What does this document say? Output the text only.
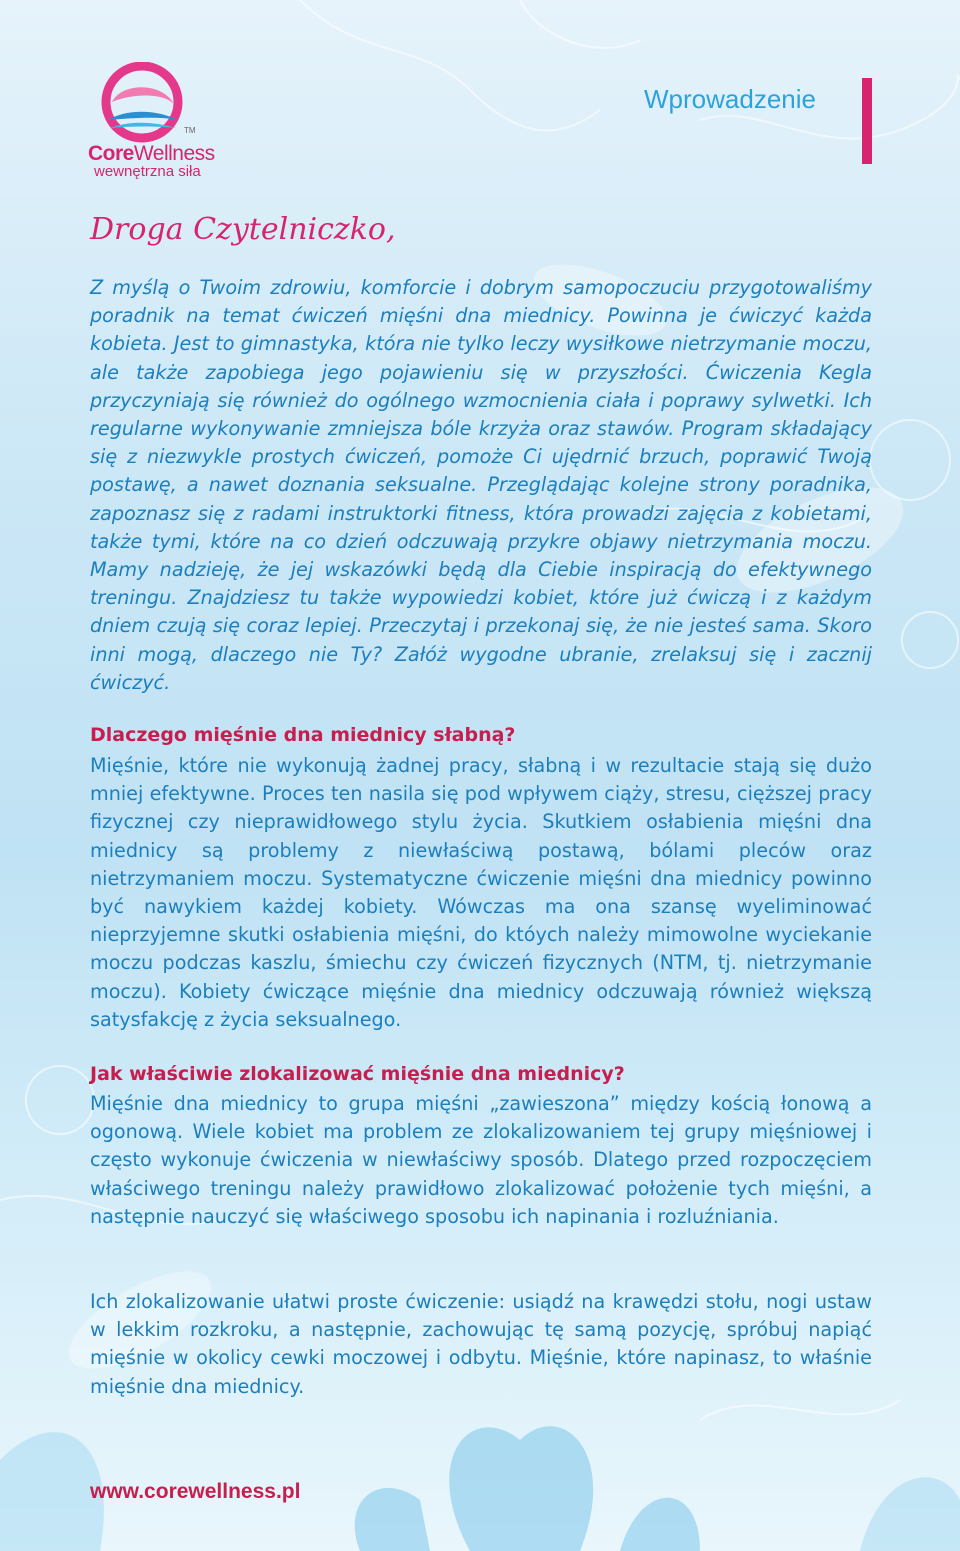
TM
CoreWellness
wewnętrzna siła
Wprowadzenie
Droga Czytelniczko,
Z myślą o Twoim zdrowiu, komforcie i dobrym samopoczuciu przygotowaliśmy poradnik na temat ćwiczeń mięśni dna miednicy. Powinna je ćwiczyć każda kobieta. Jest to gimnastyka, która nie tylko leczy wysiłkowe nietrzymanie moczu, ale także zapobiega jego pojawieniu się w przyszłości. Ćwiczenia Kegla przyczyniają się również do ogólnego wzmocnienia ciała i poprawy sylwetki. Ich regularne wykonywanie zmniejsza bóle krzyża oraz stawów. Program składający się z niezwykle prostych ćwiczeń, pomoże Ci ujędrnić brzuch, poprawić Twoją postawę, a nawet doznania seksualne. Przeglądając kolejne strony poradnika, zapoznasz się z radami instruktorki fitness, która prowadzi zajęcia z kobietami, także tymi, które na co dzień odczuwają przykre objawy nietrzymania moczu. Mamy nadzieję, że jej wskazówki będą dla Ciebie inspiracją do efektywnego treningu. Znajdziesz tu także wypowiedzi kobiet, które już ćwiczą i z każdym dniem czują się coraz lepiej. Przeczytaj i przekonaj się, że nie jesteś sama. Skoro inni mogą, dlaczego nie Ty? Załóż wygodne ubranie, zrelaksuj się i zacznij ćwiczyć.
Dlaczego mięśnie dna miednicy słabną?
Mięśnie, które nie wykonują żadnej pracy, słabną i w rezultacie stają się dużo mniej efektywne. Proces ten nasila się pod wpływem ciąży, stresu, cięższej pracy fizycznej czy nieprawidłowego stylu życia. Skutkiem osłabienia mięśni dna miednicy są problemy z niewłaściwą postawą, bólami pleców oraz nietrzymaniem moczu. Systematyczne ćwiczenie mięśni dna miednicy powinno być nawykiem każdej kobiety. Wówczas ma ona szansę wyeliminować nieprzyjemne skutki osłabienia mięśni, do któych należy mimowolne wyciekanie moczu podczas kaszlu, śmiechu czy ćwiczeń fizycznych (NTM, tj. nietrzymanie moczu). Kobiety ćwiczące mięśnie dna miednicy odczuwają również większą satysfakcję z życia seksualnego.
Jak właściwie zlokalizować mięśnie dna miednicy?
Mięśnie dna miednicy to grupa mięśni „zawieszona” między kością łonową a ogonową. Wiele kobiet ma problem ze zlokalizowaniem tej grupy mięśniowej i często wykonuje ćwiczenia w niewłaściwy sposób. Dlatego przed rozpoczęciem właściwego treningu należy prawidłowo zlokalizować położenie tych mięśni, a następnie nauczyć się właściwego sposobu ich napinania i rozluźniania.
Ich zlokalizowanie ułatwi proste ćwiczenie: usiądź na krawędzi stołu, nogi ustaw w lekkim rozkroku, a następnie, zachowując tę samą pozycję, spróbuj napiąć mięśnie w okolicy cewki moczowej i odbytu. Mięśnie, które napinasz, to właśnie mięśnie dna miednicy.
www.corewellness.pl
